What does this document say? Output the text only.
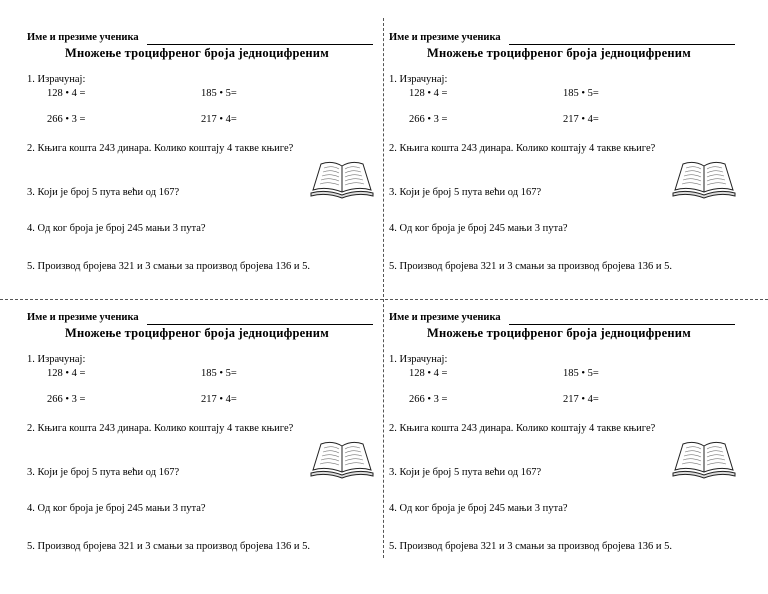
Име и презиме ученика
Множење троцифреног броја једноцифреним
1. Израчунај:
128 • 4 =	185 • 5=
266 • 3 =	217 • 4=
2. Књига кошта 243 динара. Колико коштају 4 такве књиге?
3. Који је број 5 пута већи од 167?
4. Од ког броја је број 245 мањи 3 пута?
5. Производ бројева 321 и 3 смањи за производ бројева 136 и 5.
Име и презиме ученика
Множење троцифреног броја једноцифреним
1. Израчунај:
128 • 4 =	185 • 5=
266 • 3 =	217 • 4=
2. Књига кошта 243 динара. Колико коштају 4 такве књиге?
3. Који је број 5 пута већи од 167?
4. Од ког броја је број 245 мањи 3 пута?
5. Производ бројева 321 и 3 смањи за производ бројева 136 и 5.
Име и презиме ученика
Множење троцифреног броја једноцифреним
1. Израчунај:
128 • 4 =	185 • 5=
266 • 3 =	217 • 4=
2. Књига кошта 243 динара. Колико коштају 4 такве књиге?
3. Који је број 5 пута већи од 167?
4. Од ког броја је број 245 мањи 3 пута?
5. Производ бројева 321 и 3 смањи за производ бројева 136 и 5.
Име и презиме ученика
Множење троцифреног броја једноцифреним
1. Израчунај:
128 • 4 =	185 • 5=
266 • 3 =	217 • 4=
2. Књига кошта 243 динара. Колико коштају 4 такве књиге?
3. Који је број 5 пута већи од 167?
4. Од ког броја је број 245 мањи 3 пута?
5. Производ бројева 321 и 3 смањи за производ бројева 136 и 5.
